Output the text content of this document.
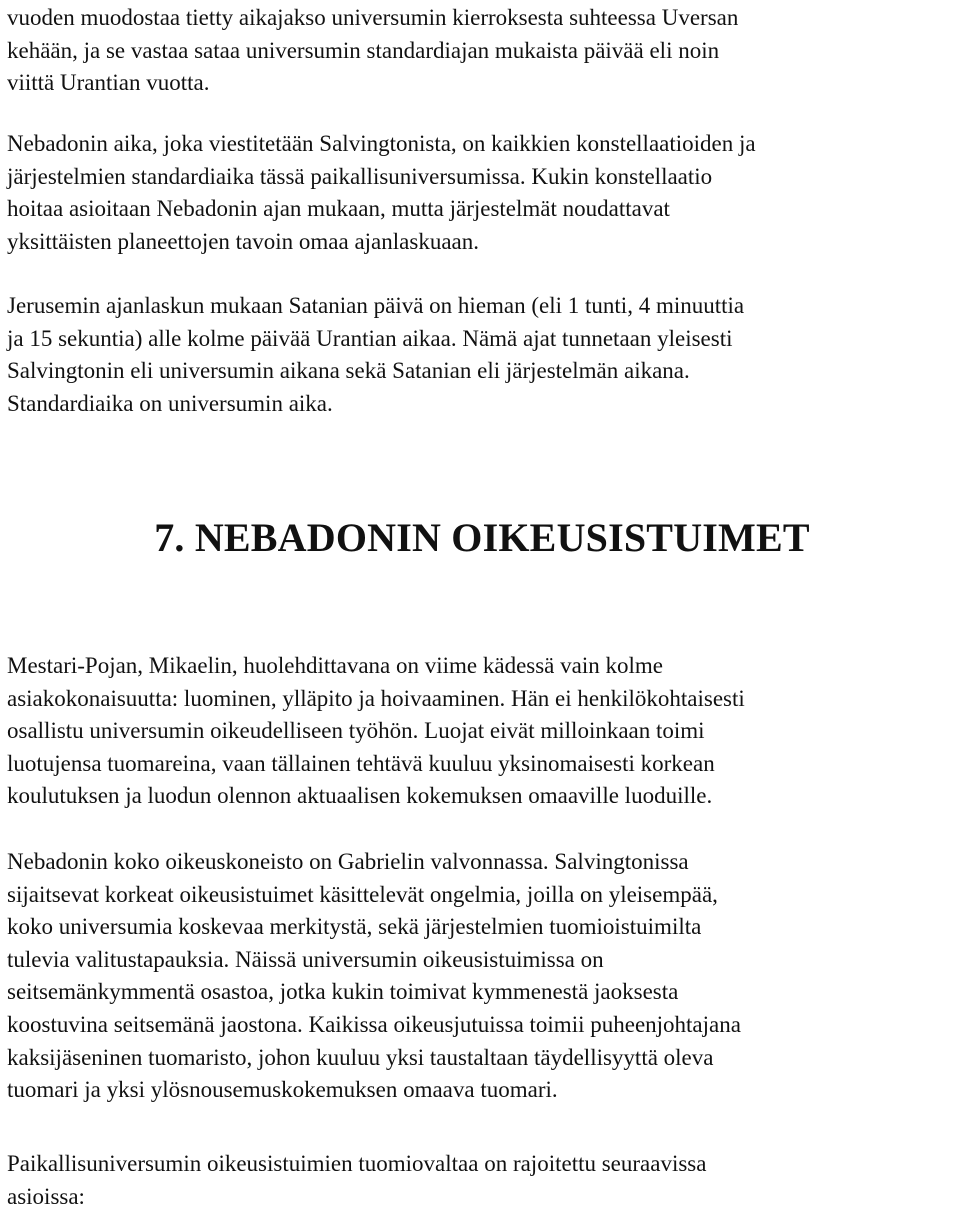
vuoden muodostaa tietty aikajakso universumin kierroksesta suhteessa Uversan
kehään, ja se vastaa sataa universumin standardiajan mukaista päivää eli noin
viittä Urantian vuotta.
Nebadonin aika, joka viestitetään Salvingtonista, on kaikkien konstellaatioiden ja
järjestelmien standardiaika tässä paikallisuniversumissa. Kukin konstellaatio
hoitaa asioitaan Nebadonin ajan mukaan, mutta järjestelmät noudattavat
yksittäisten planeettojen tavoin omaa ajanlaskuaan.
Jerusemin ajanlaskun mukaan Satanian päivä on hieman (eli 1 tunti, 4 minuuttia
ja 15 sekuntia) alle kolme päivää Urantian aikaa. Nämä ajat tunnetaan yleisesti
Salvingtonin eli universumin aikana sekä Satanian eli järjestelmän aikana.
Standardiaika on universumin aika.
7. NEBADONIN OIKEUSISTUIMET
Mestari-Pojan, Mikaelin, huolehdittavana on viime kädessä vain kolme
asiakokonaisuutta: luominen, ylläpito ja hoivaaminen. Hän ei henkilökohtaisesti
osallistu universumin oikeudelliseen työhön. Luojat eivät milloinkaan toimi
luotujensa tuomareina, vaan tällainen tehtävä kuuluu yksinomaisesti korkean
koulutuksen ja luodun olennon aktuaalisen kokemuksen omaaville luoduille.
Nebadonin koko oikeuskoneisto on Gabrielin valvonnassa. Salvingtonissa
sijaitsevat korkeat oikeusistuimet käsittelevät ongelmia, joilla on yleisempää,
koko universumia koskevaa merkitystä, sekä järjestelmien tuomioistuimilta
tulevia valitustapauksia. Näissä universumin oikeusistuimissa on
seitsemänkymmentä osastoa, jotka kukin toimivat kymmenestä jaoksesta
koostuvina seitsemänä jaostona. Kaikissa oikeusjutuissa toimii puheenjohtajana
kaksijäseninen tuomaristo, johon kuuluu yksi taustaltaan täydellisyyttä oleva
tuomari ja yksi ylösnousemuskokemuksen omaava tuomari.
Paikallisuniversumin oikeusistuimien tuomiovaltaa on rajoitettu seuraavissa
asioissa:
